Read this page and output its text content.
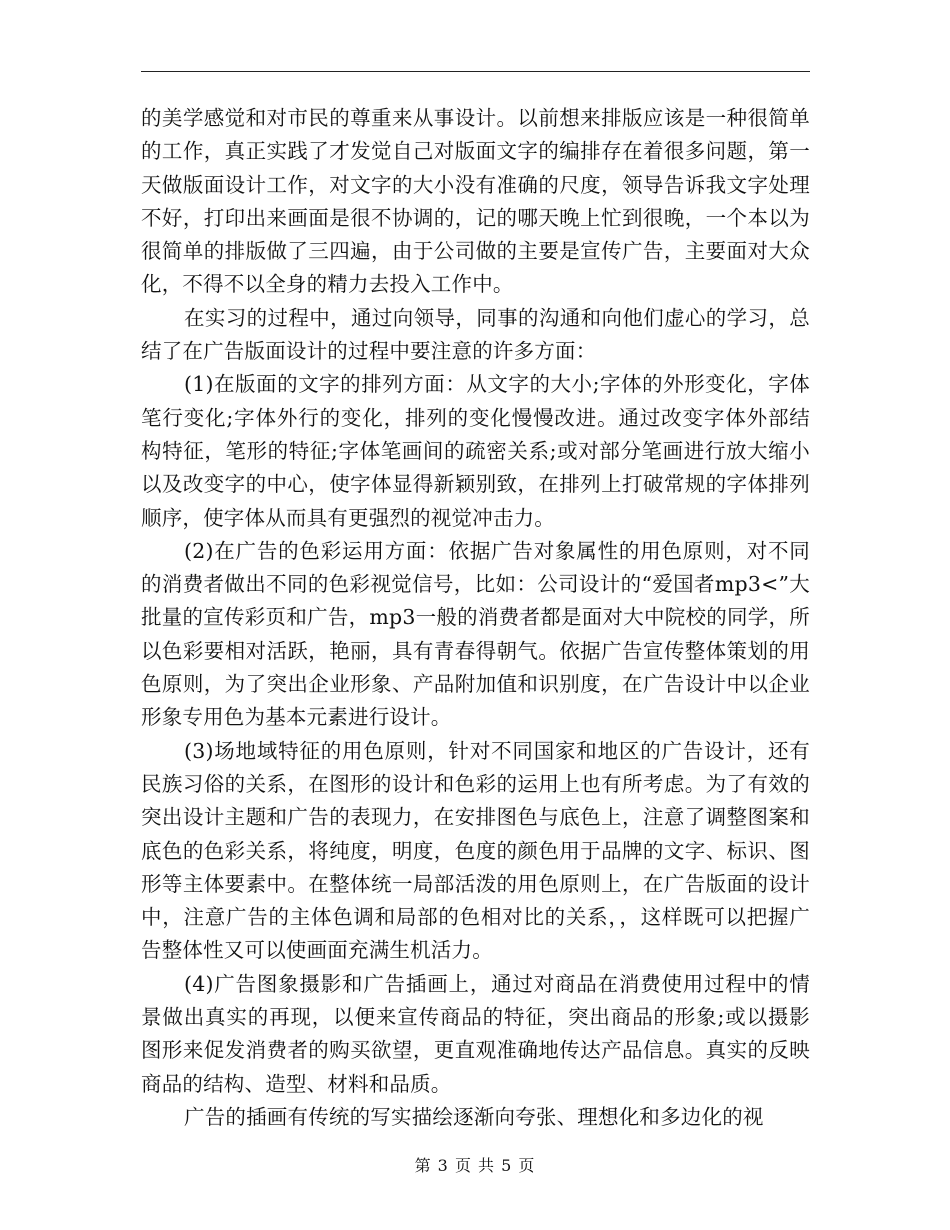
的美学感觉和对市民的尊重来从事设计。以前想来排版应该是一种很简单的工作，真正实践了才发觉自己对版面文字的编排存在着很多问题，第一天做版面设计工作，对文字的大小没有准确的尺度，领导告诉我文字处理不好，打印出来画面是很不协调的，记的哪天晚上忙到很晚，一个本以为很简单的排版做了三四遍，由于公司做的主要是宣传广告，主要面对大众化，不得不以全身的精力去投入工作中。

在实习的过程中，通过向领导，同事的沟通和向他们虚心的学习，总结了在广告版面设计的过程中要注意的许多方面：

(1)在版面的文字的排列方面：从文字的大小;字体的外形变化，字体笔行变化;字体外行的变化，排列的变化慢慢改进。通过改变字体外部结构特征，笔形的特征;字体笔画间的疏密关系;或对部分笔画进行放大缩小以及改变字的中心，使字体显得新颖别致，在排列上打破常规的字体排列顺序，使字体从而具有更强烈的视觉冲击力。

(2)在广告的色彩运用方面：依据广告对象属性的用色原则，对不同的消费者做出不同的色彩视觉信号，比如：公司设计的“爱国者mp3<”大批量的宣传彩页和广告，mp3一般的消费者都是面对大中院校的同学，所以色彩要相对活跃，艳丽，具有青春得朝气。依据广告宣传整体策划的用色原则，为了突出企业形象、产品附加值和识别度，在广告设计中以企业形象专用色为基本元素进行设计。

(3)场地域特征的用色原则，针对不同国家和地区的广告设计，还有民族习俗的关系，在图形的设计和色彩的运用上也有所考虑。为了有效的突出设计主题和广告的表现力，在安排图色与底色上，注意了调整图案和底色的色彩关系，将纯度，明度，色度的颜色用于品牌的文字、标识、图形等主体要素中。在整体统一局部活泼的用色原则上，在广告版面的设计中，注意广告的主体色调和局部的色相对比的关系，，这样既可以把握广告整体性又可以使画面充满生机活力。

(4)广告图象摄影和广告插画上，通过对商品在消费使用过程中的情景做出真实的再现，以便来宣传商品的特征，突出商品的形象;或以摄影图形来促发消费者的购买欲望，更直观准确地传达产品信息。真实的反映商品的结构、造型、材料和品质。

广告的插画有传统的写实描绘逐渐向夸张、理想化和多边化的视

第 3 页 共 5 页
